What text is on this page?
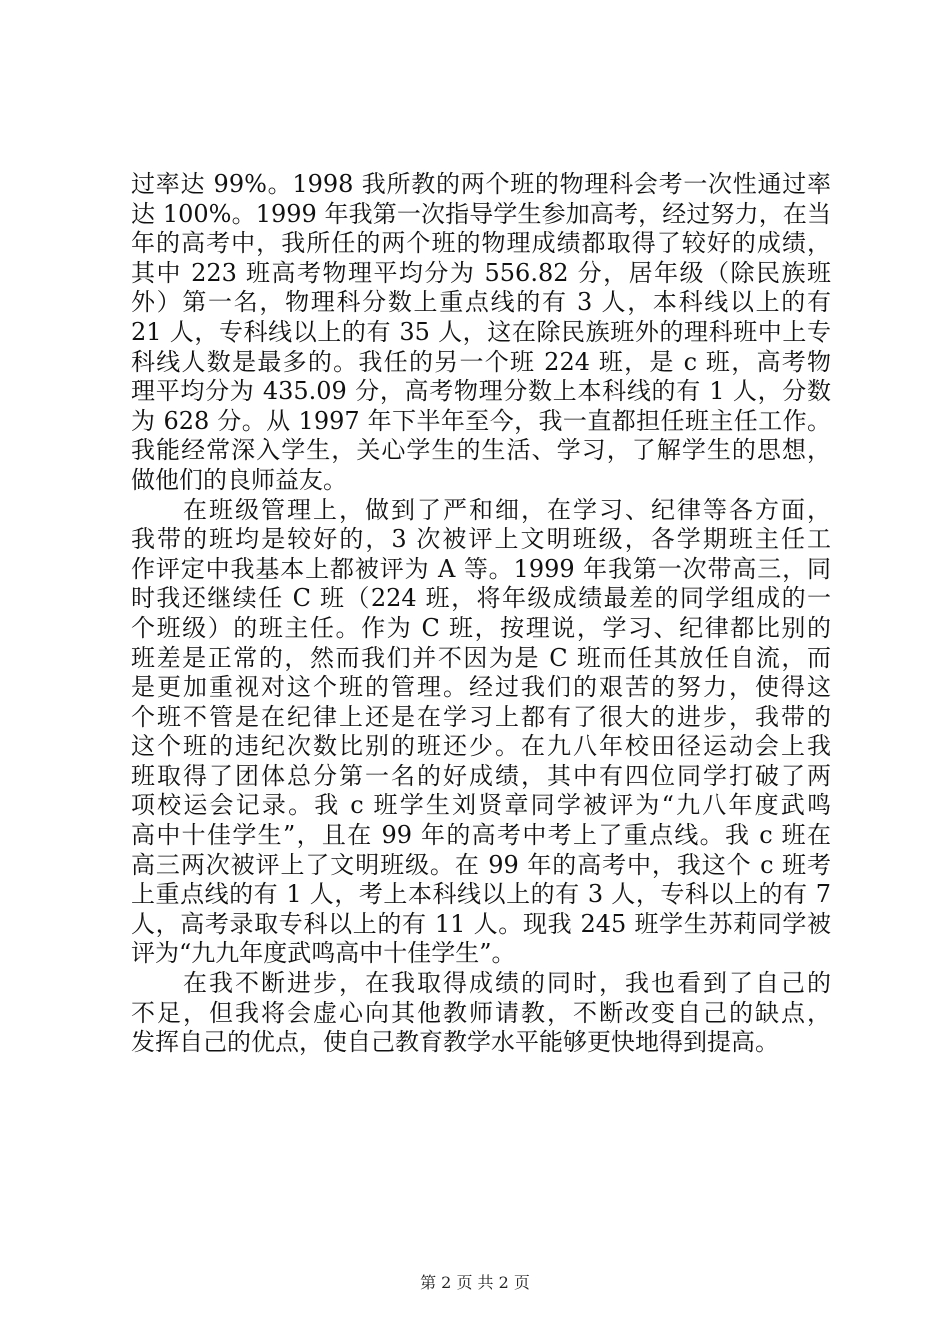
过率达 99%。1998 我所教的两个班的物理科会考一次性通过率
达 100%。1999 年我第一次指导学生参加高考，经过努力，在当
年的高考中，我所任的两个班的物理成绩都取得了较好的成绩，
其中 223 班高考物理平均分为 556.82 分，居年级（除民族班
外）第一名，物理科分数上重点线的有 3 人，本科线以上的有
21 人，专科线以上的有 35 人，这在除民族班外的理科班中上专
科线人数是最多的。我任的另一个班 224 班，是 c 班，高考物
理平均分为 435.09 分，高考物理分数上本科线的有 1 人，分数
为 628 分。从 1997 年下半年至今，我一直都担任班主任工作。
我能经常深入学生，关心学生的生活、学习，了解学生的思想，
做他们的良师益友。
　　在班级管理上，做到了严和细，在学习、纪律等各方面，
我带的班均是较好的，3 次被评上文明班级，各学期班主任工
作评定中我基本上都被评为 A 等。1999 年我第一次带高三，同
时我还继续任 C 班（224 班，将年级成绩最差的同学组成的一
个班级）的班主任。作为 C 班，按理说，学习、纪律都比别的
班差是正常的，然而我们并不因为是 C 班而任其放任自流，而
是更加重视对这个班的管理。经过我们的艰苦的努力，使得这
个班不管是在纪律上还是在学习上都有了很大的进步，我带的
这个班的违纪次数比别的班还少。在九八年校田径运动会上我
班取得了团体总分第一名的好成绩，其中有四位同学打破了两
项校运会记录。我 c 班学生刘贤章同学被评为“九八年度武鸣
高中十佳学生”，且在 99 年的高考中考上了重点线。我 c 班在
高三两次被评上了文明班级。在 99 年的高考中，我这个 c 班考
上重点线的有 1 人，考上本科线以上的有 3 人，专科以上的有 7
人，高考录取专科以上的有 11 人。现我 245 班学生苏莉同学被
评为“九九年度武鸣高中十佳学生”。
　　在我不断进步，在我取得成绩的同时，我也看到了自己的
不足，但我将会虚心向其他教师请教，不断改变自己的缺点，
发挥自己的优点，使自己教育教学水平能够更快地得到提高。
第 2 页 共 2 页
